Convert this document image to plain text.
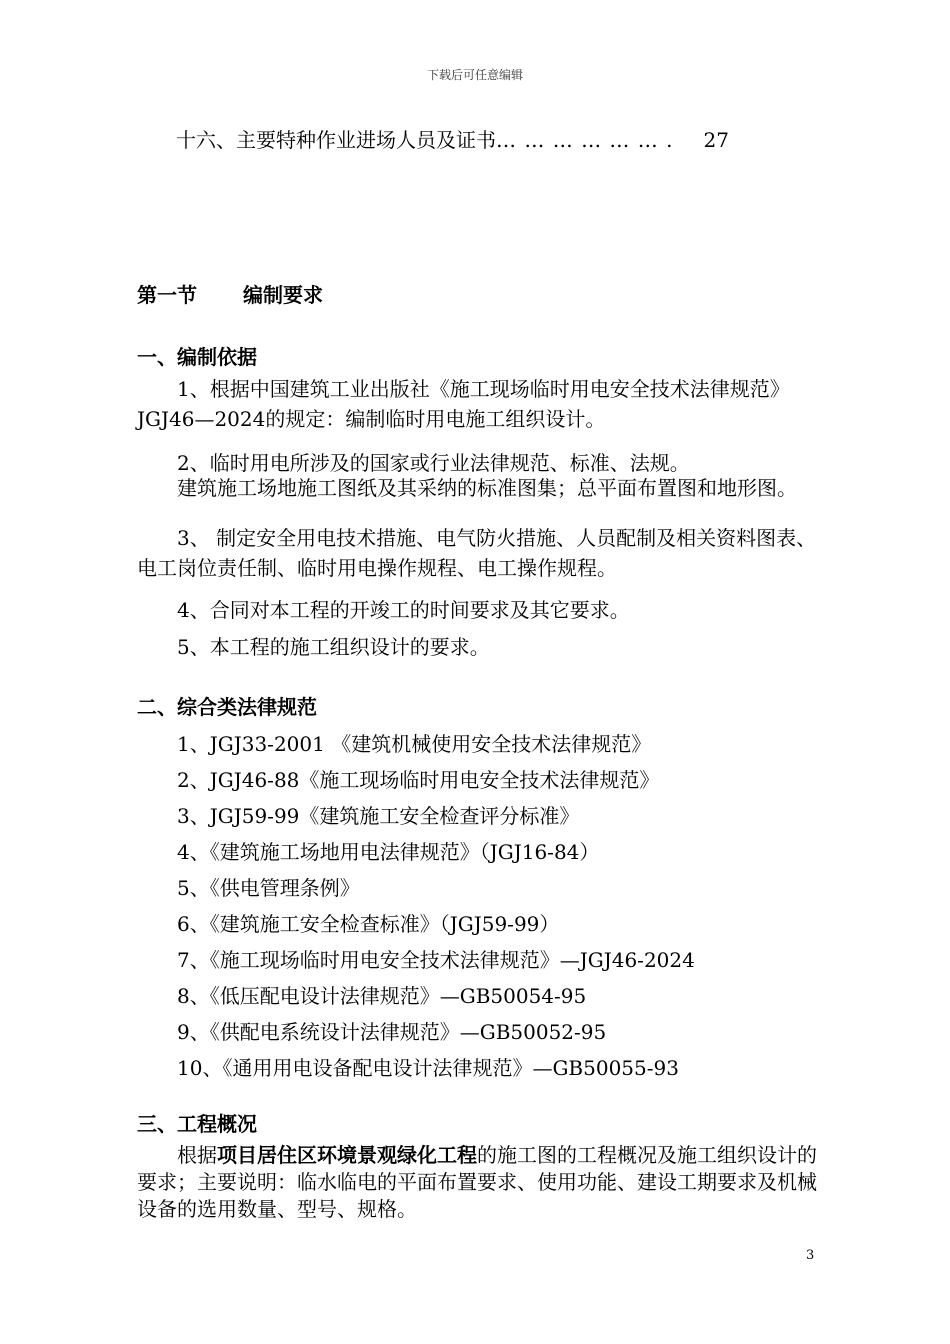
下载后可任意编辑
十六、主要特种作业进场人员及证书… … … … … … . 27
第一节 编制要求
一、编制依据
1、根据中国建筑工业出版社《施工现场临时用电安全技术法律规范》JGJ46—2024的规定：编制临时用电施工组织设计。
2、临时用电所涉及的国家或行业法律规范、标准、法规。
建筑施工场地施工图纸及其采纳的标准图集；总平面布置图和地形图。
3、 制定安全用电技术措施、电气防火措施、人员配制及相关资料图表、电工岗位责任制、临时用电操作规程、电工操作规程。
4、合同对本工程的开竣工的时间要求及其它要求。
5、本工程的施工组织设计的要求。
二、综合类法律规范
1、JGJ33-2001 《建筑机械使用安全技术法律规范》
2、JGJ46-88《施工现场临时用电安全技术法律规范》
3、JGJ59-99《建筑施工安全检查评分标准》
4、《建筑施工场地用电法律规范》（JGJ16-84）
5、《供电管理条例》
6、《建筑施工安全检查标准》（JGJ59-99）
7、《施工现场临时用电安全技术法律规范》—JGJ46-2024
8、《低压配电设计法律规范》—GB50054-95
9、《供配电系统设计法律规范》—GB50052-95
10、《通用用电设备配电设计法律规范》—GB50055-93
三、工程概况
根据项目居住区环境景观绿化工程的施工图的工程概况及施工组织设计的要求；主要说明：临水临电的平面布置要求、使用功能、建设工期要求及机械设备的选用数量、型号、规格。
3
